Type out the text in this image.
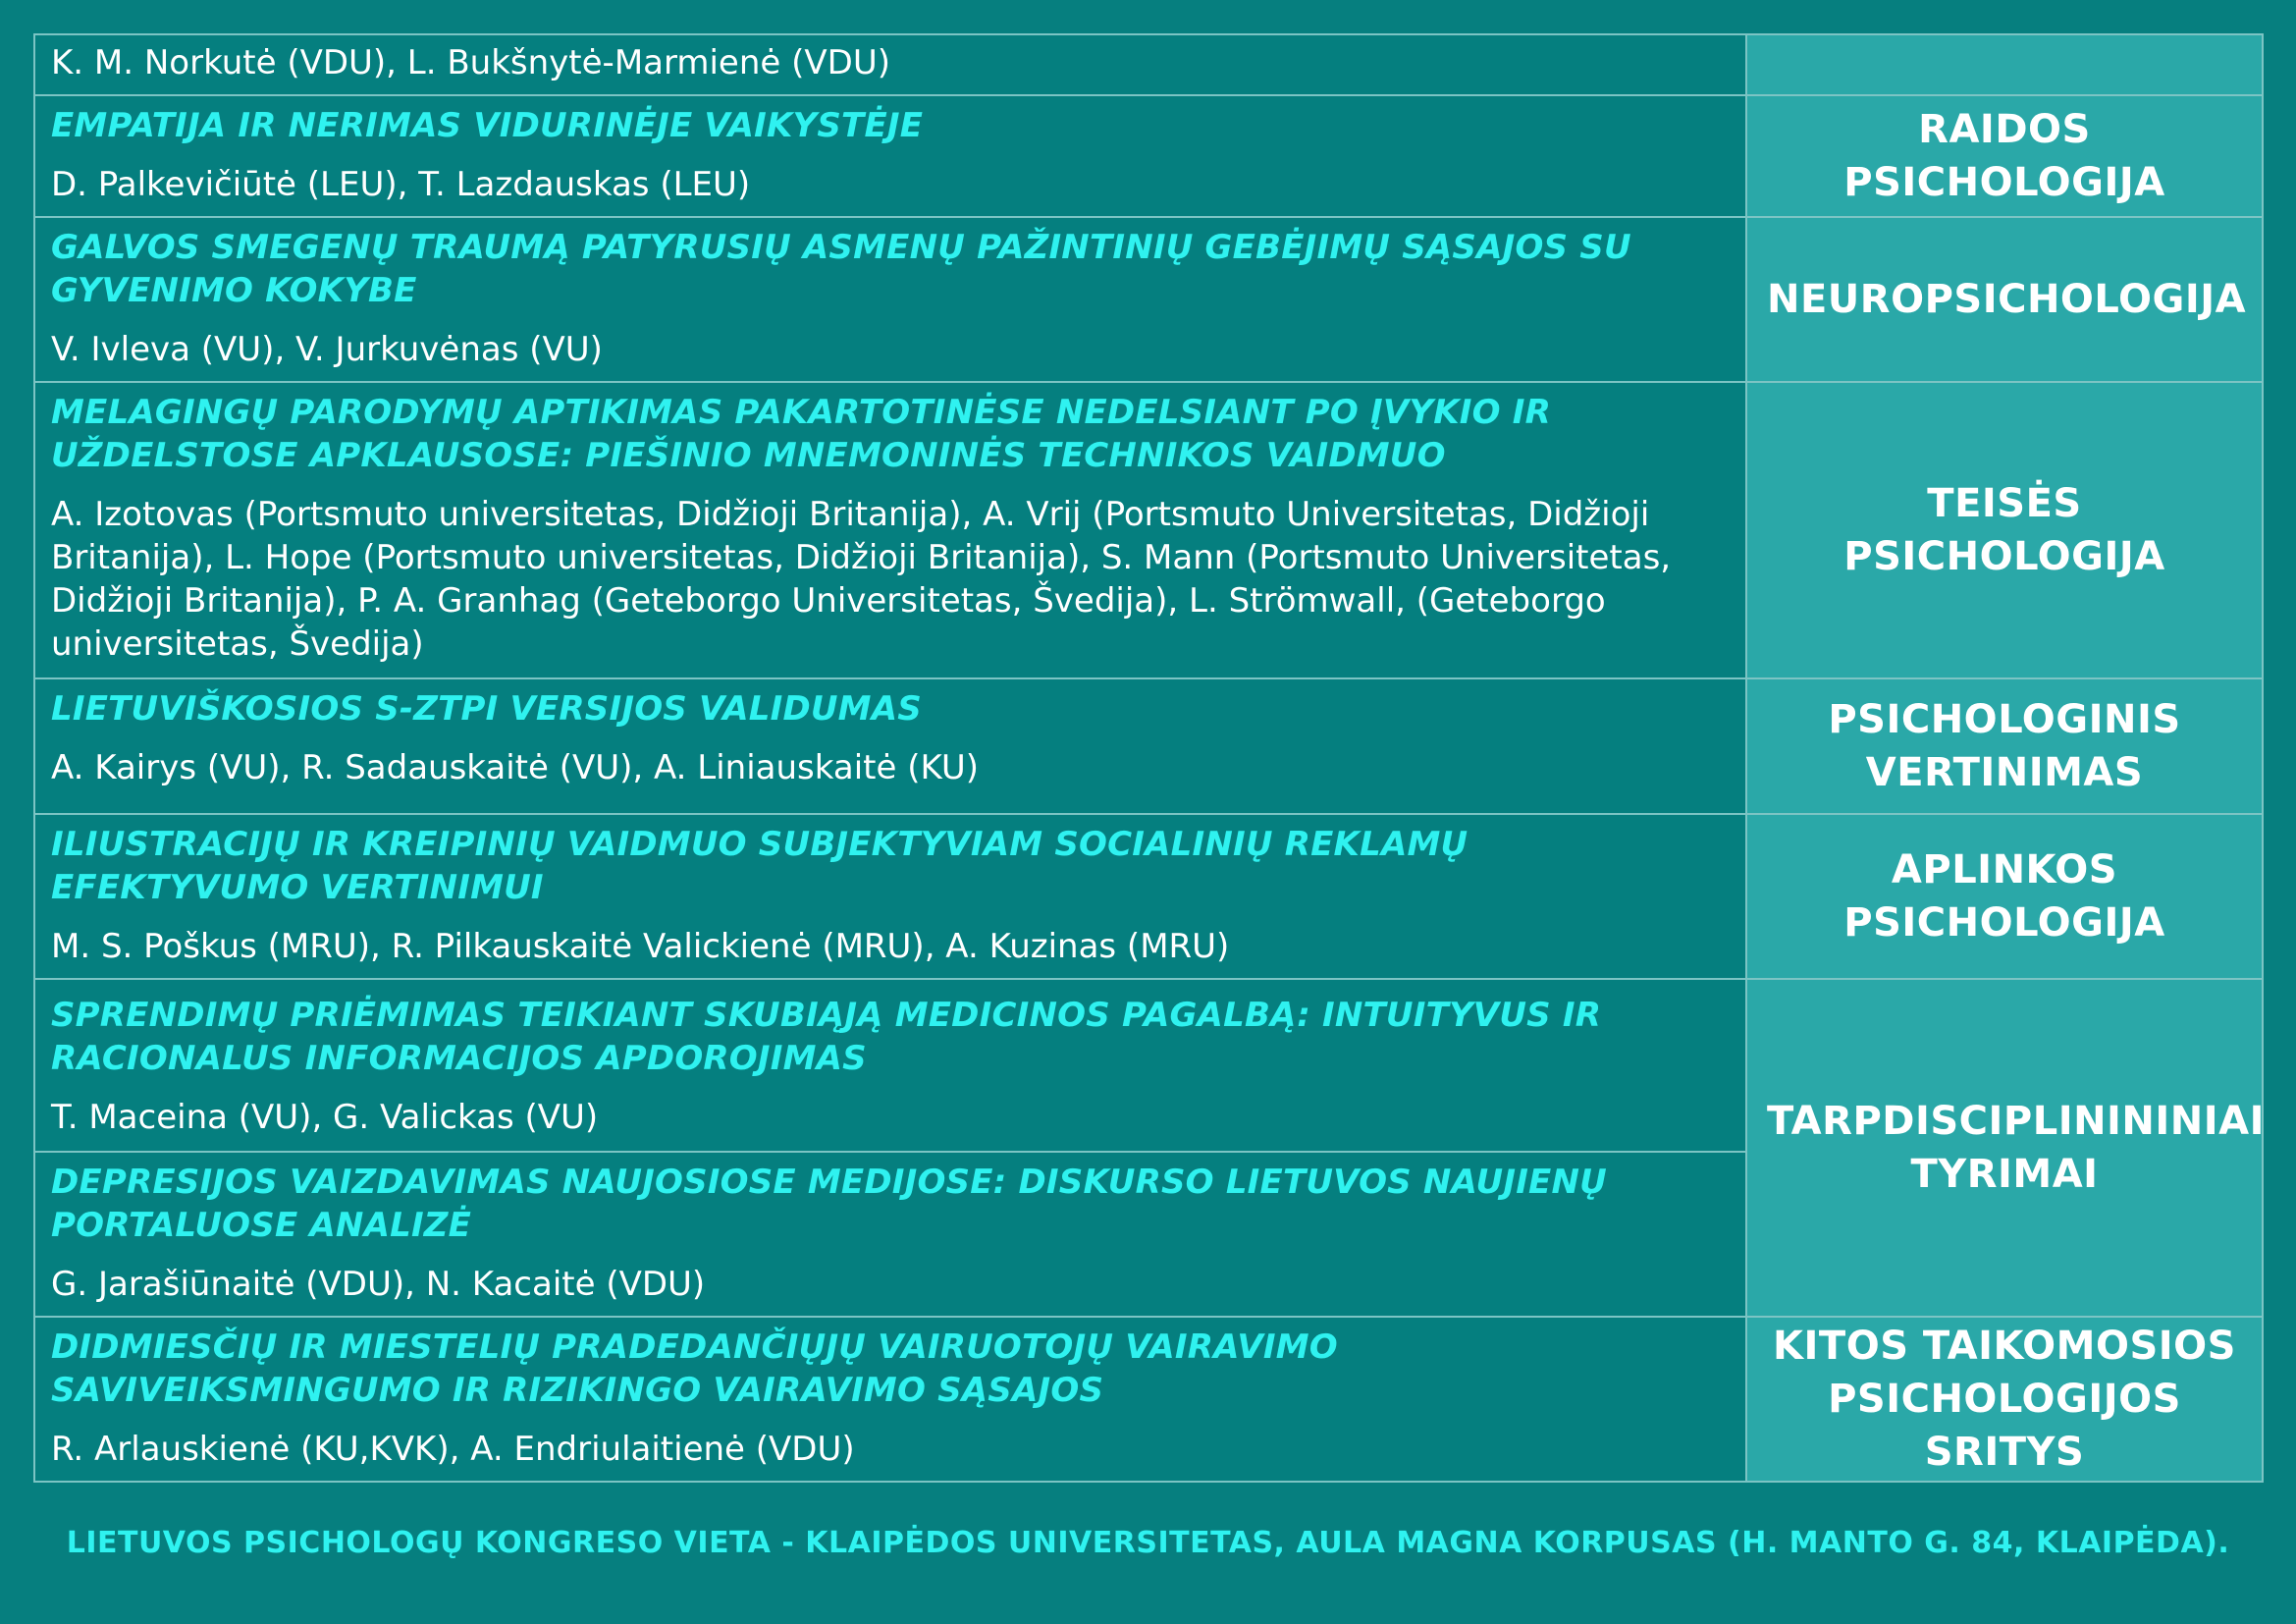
K. M. Norkutė (VDU), L. Bukšnytė-Marmienė (VDU)	

EMPATIJA IR NERIMAS VIDURINĖJE VAIKYSTĖJE
D. Palkevičiūtė (LEU), T. Lazdauskas (LEU)	RAIDOS PSICHOLOGIJA

GALVOS SMEGENŲ TRAUMĄ PATYRUSIŲ ASMENŲ PAŽINTINIŲ GEBĖJIMŲ SĄSAJOS SU GYVENIMO KOKYBE
V. Ivleva (VU), V. Jurkuvėnas (VU)	NEUROPSICHOLOGIJA

MELAGINGŲ PARODYMŲ APTIKIMAS PAKARTOTINĖSE NEDELSIANT PO ĮVYKIO IR UŽDELSTOSE APKLAUSOSE: PIEŠINIO MNEMONINĖS TECHNIKOS VAIDMUO
A. Izotovas (Portsmuto universitetas, Didžioji Britanija), A. Vrij (Portsmuto Universitetas, Didžioji Britanija), L. Hope (Portsmuto universitetas, Didžioji Britanija), S. Mann (Portsmuto Universitetas, Didžioji Britanija), P. A. Granhag (Geteborgo Universitetas, Švedija), L. Strömwall, (Geteborgo universitetas, Švedija)	TEISĖS PSICHOLOGIJA

LIETUVIŠKOSIOS S-ZTPI VERSIJOS VALIDUMAS
A. Kairys (VU), R. Sadauskaitė (VU), A. Liniauskaitė (KU)	PSICHOLOGINIS VERTINIMAS

ILIUSTRACIJŲ IR KREIPINIŲ VAIDMUO SUBJEKTYVIAM SOCIALINIŲ REKLAMŲ EFEKTYVUMO VERTINIMUI
M. S. Poškus (MRU), R. Pilkauskaitė Valickienė (MRU), A. Kuzinas (MRU)	APLINKOS PSICHOLOGIJA

SPRENDIMŲ PRIĖMIMAS TEIKIANT SKUBIĄJĄ MEDICINOS PAGALBĄ: INTUITYVUS IR RACIONALUS INFORMACIJOS APDOROJIMAS
T. Maceina (VU), G. Valickas (VU)
DEPRESIJOS VAIZDAVIMAS NAUJOSIOSE MEDIJOSE: DISKURSO LIETUVOS NAUJIENŲ PORTALUOSE ANALIZĖ
G. Jarašiūnaitė (VDU), N. Kacaitė (VDU)	TARPDISCIPLINININIAI TYRIMAI

DIDMIESČIŲ IR MIESTELIŲ PRADEDANČIŲJŲ VAIRUOTOJŲ VAIRAVIMO SAVIVEIKSMINGUMO IR RIZIKINGO VAIRAVIMO SĄSAJOS
R. Arlauskienė (KU,KVK), A. Endriulaitienė (VDU)	KITOS TAIKOMOSIOS PSICHOLOGIJOS SRITYS
LIETUVOS PSICHOLOGŲ KONGRESO VIETA - KLAIPĖDOS UNIVERSITETAS, AULA MAGNA KORPUSAS (H. MANTO G. 84, KLAIPĖDA).
